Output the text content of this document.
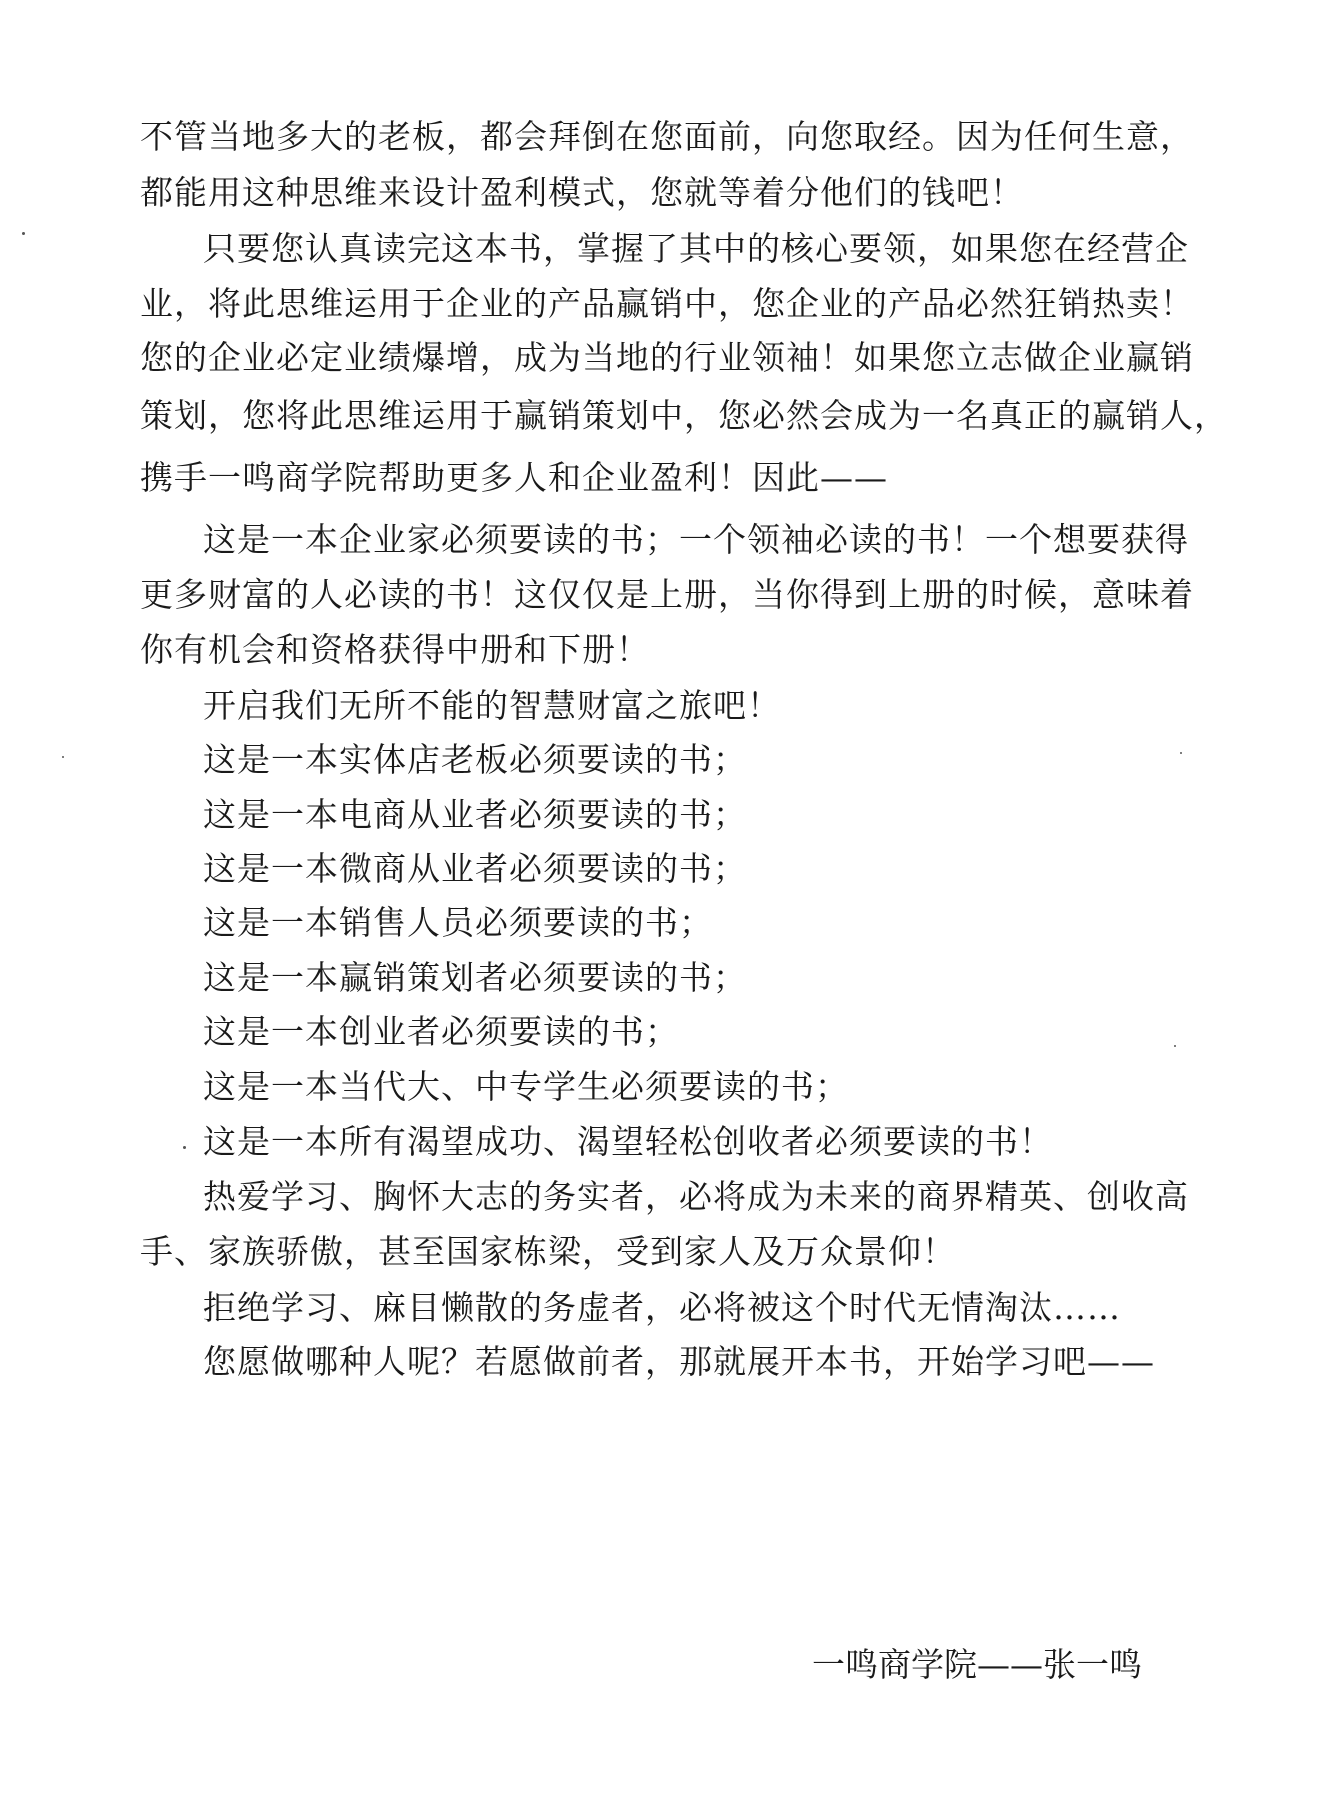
不管当地多大的老板，都会拜倒在您面前，向您取经。因为任何生意，
都能用这种思维来设计盈利模式，您就等着分他们的钱吧！
只要您认真读完这本书，掌握了其中的核心要领，如果您在经营企
业，将此思维运用于企业的产品赢销中，您企业的产品必然狂销热卖！
您的企业必定业绩爆增，成为当地的行业领袖！如果您立志做企业赢销
策划，您将此思维运用于赢销策划中，您必然会成为一名真正的赢销人，
携手一鸣商学院帮助更多人和企业盈利！因此——
这是一本企业家必须要读的书；一个领袖必读的书！一个想要获得
更多财富的人必读的书！这仅仅是上册，当你得到上册的时候，意味着
你有机会和资格获得中册和下册！
开启我们无所不能的智慧财富之旅吧！
这是一本实体店老板必须要读的书；
这是一本电商从业者必须要读的书；
这是一本微商从业者必须要读的书；
这是一本销售人员必须要读的书；
这是一本赢销策划者必须要读的书；
这是一本创业者必须要读的书；
这是一本当代大、中专学生必须要读的书；
这是一本所有渴望成功、渴望轻松创收者必须要读的书！
热爱学习、胸怀大志的务实者，必将成为未来的商界精英、创收高
手、家族骄傲，甚至国家栋梁，受到家人及万众景仰！
拒绝学习、麻目懒散的务虚者，必将被这个时代无情淘汰……
您愿做哪种人呢？若愿做前者，那就展开本书，开始学习吧——
一鸣商学院——张一鸣
